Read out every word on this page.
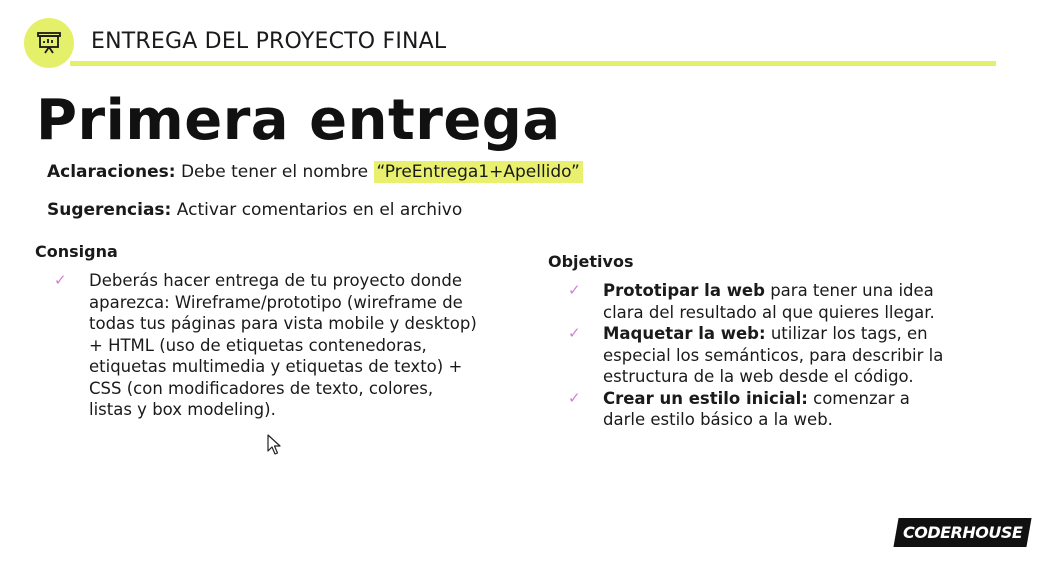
ENTREGA DEL PROYECTO FINAL
Primera entrega
Aclaraciones: Debe tener el nombre “PreEntrega1+Apellido”
Sugerencias: Activar comentarios en el archivo
Consigna
✓ Deberás hacer entrega de tu proyecto donde aparezca: Wireframe/prototipo (wireframe de todas tus páginas para vista mobile y desktop) + HTML (uso de etiquetas contenedoras, etiquetas multimedia y etiquetas de texto) + CSS (con modificadores de texto, colores, listas y box modeling).
Objetivos
✓ Prototipar la web para tener una idea clara del resultado al que quieres llegar.
✓ Maquetar la web: utilizar los tags, en especial los semánticos, para describir la estructura de la web desde el código.
✓ Crear un estilo inicial: comenzar a darle estilo básico a la web.
CODERHOUSE
